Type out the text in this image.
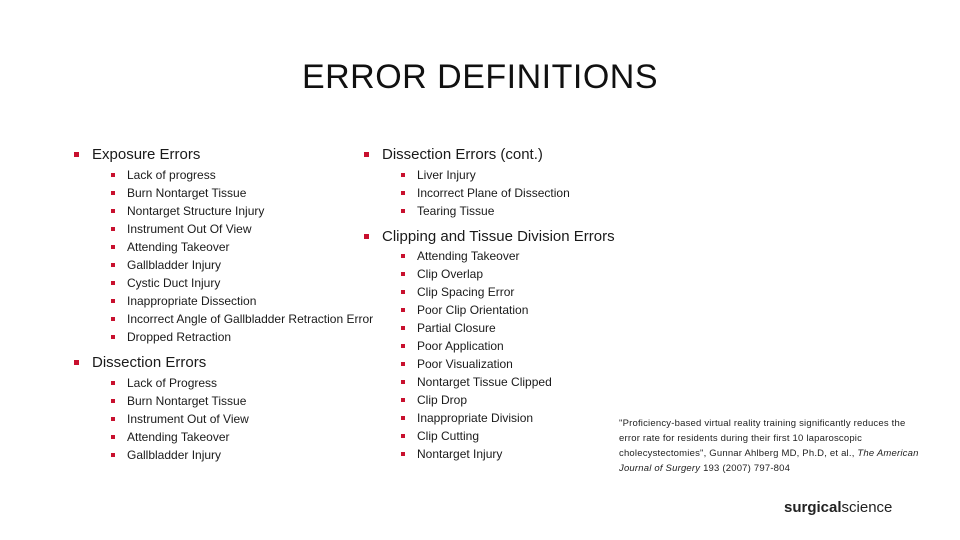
ERROR DEFINITIONS
Exposure Errors
Lack of progress
Burn Nontarget Tissue
Nontarget Structure Injury
Instrument Out Of View
Attending Takeover
Gallbladder Injury
Cystic Duct Injury
Inappropriate Dissection
Incorrect Angle of Gallbladder Retraction Error
Dropped Retraction
Dissection Errors
Lack of Progress
Burn Nontarget Tissue
Instrument Out of View
Attending Takeover
Gallbladder Injury
Dissection Errors (cont.)
Liver Injury
Incorrect Plane of Dissection
Tearing Tissue
Clipping and Tissue Division Errors
Attending Takeover
Clip Overlap
Clip Spacing Error
Poor Clip Orientation
Partial Closure
Poor Application
Poor Visualization
Nontarget Tissue Clipped
Clip Drop
Inappropriate Division
Clip Cutting
Nontarget Injury
"Proficiency-based virtual reality training significantly reduces the error rate for residents during their first 10 laparoscopic cholecystectomies", Gunnar Ahlberg MD, Ph.D, et al., The American Journal of Surgery 193 (2007) 797-804
surgicalscience
